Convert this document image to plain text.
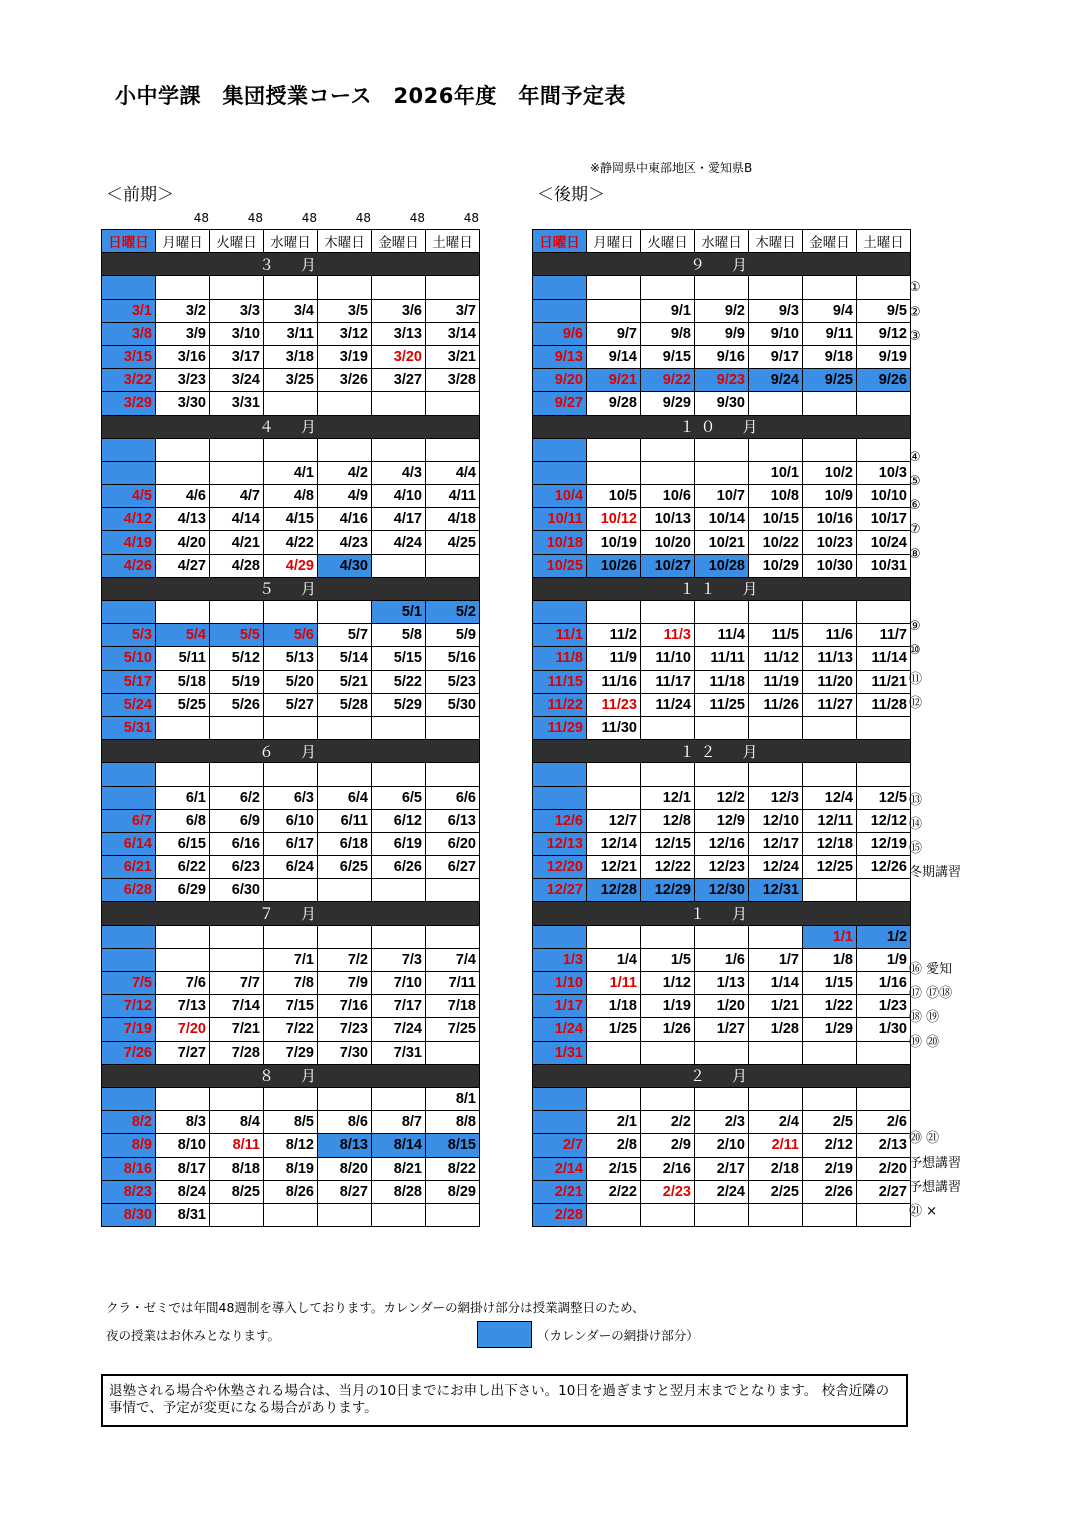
小中学課　集団授業コース　2026年度　年間予定表
※静岡県中東部地区・愛知県B
＜前期＞	＜後期＞
48	48	48	48	48	48
日曜日	月曜日	火曜日	水曜日	木曜日	金曜日	土曜日
３　月						

3/1	3/2	3/3	3/4	3/5	3/6	3/7
3/8	3/9	3/10	3/11	3/12	3/13	3/14
3/15	3/16	3/17	3/18	3/19	3/20	3/21
3/22	3/23	3/24	3/25	3/26	3/27	3/28
3/29	3/30	3/31				
４　月						

			4/1	4/2	4/3	4/4
4/5	4/6	4/7	4/8	4/9	4/10	4/11
4/12	4/13	4/14	4/15	4/16	4/17	4/18
4/19	4/20	4/21	4/22	4/23	4/24	4/25
4/26	4/27	4/28	4/29	4/30		
５　月						
					5/1	5/2
5/3	5/4	5/5	5/6	5/7	5/8	5/9
5/10	5/11	5/12	5/13	5/14	5/15	5/16
5/17	5/18	5/19	5/20	5/21	5/22	5/23
5/24	5/25	5/26	5/27	5/28	5/29	5/30
5/31						
６　月						

	6/1	6/2	6/3	6/4	6/5	6/6
6/7	6/8	6/9	6/10	6/11	6/12	6/13
6/14	6/15	6/16	6/17	6/18	6/19	6/20
6/21	6/22	6/23	6/24	6/25	6/26	6/27
6/28	6/29	6/30				
７　月						

			7/1	7/2	7/3	7/4
7/5	7/6	7/7	7/8	7/9	7/10	7/11
7/12	7/13	7/14	7/15	7/16	7/17	7/18
7/19	7/20	7/21	7/22	7/23	7/24	7/25
7/26	7/27	7/28	7/29	7/30	7/31	
８　月						
						8/1
8/2	8/3	8/4	8/5	8/6	8/7	8/8
8/9	8/10	8/11	8/12	8/13	8/14	8/15
8/16	8/17	8/18	8/19	8/20	8/21	8/22
8/23	8/24	8/25	8/26	8/27	8/28	8/29
8/30	8/31					
日曜日	月曜日	火曜日	水曜日	木曜日	金曜日	土曜日
９　月						

		9/1	9/2	9/3	9/4	9/5
9/6	9/7	9/8	9/9	9/10	9/11	9/12
9/13	9/14	9/15	9/16	9/17	9/18	9/19
9/20	9/21	9/22	9/23	9/24	9/25	9/26
9/27	9/28	9/29	9/30			
１０　月						

				10/1	10/2	10/3
10/4	10/5	10/6	10/7	10/8	10/9	10/10
10/11	10/12	10/13	10/14	10/15	10/16	10/17
10/18	10/19	10/20	10/21	10/22	10/23	10/24
10/25	10/26	10/27	10/28	10/29	10/30	10/31
１１　月						

11/1	11/2	11/3	11/4	11/5	11/6	11/7
11/8	11/9	11/10	11/11	11/12	11/13	11/14
11/15	11/16	11/17	11/18	11/19	11/20	11/21
11/22	11/23	11/24	11/25	11/26	11/27	11/28
11/29	11/30					
１２　月						

		12/1	12/2	12/3	12/4	12/5
12/6	12/7	12/8	12/9	12/10	12/11	12/12
12/13	12/14	12/15	12/16	12/17	12/18	12/19
12/20	12/21	12/22	12/23	12/24	12/25	12/26
12/27	12/28	12/29	12/30	12/31		
１　月						
					1/1	1/2
1/3	1/4	1/5	1/6	1/7	1/8	1/9
1/10	1/11	1/12	1/13	1/14	1/15	1/16
1/17	1/18	1/19	1/20	1/21	1/22	1/23
1/24	1/25	1/26	1/27	1/28	1/29	1/30
1/31						
２　月						

	2/1	2/2	2/3	2/4	2/5	2/6
2/7	2/8	2/9	2/10	2/11	2/12	2/13
2/14	2/15	2/16	2/17	2/18	2/19	2/20
2/21	2/22	2/23	2/24	2/25	2/26	2/27
2/28						
①
②
③
④
⑤
⑥
⑦
⑧
⑨
⑩
⑪
⑫
⑬
⑭
⑮
冬期講習
⑯ 愛知
⑰ ⑰⑱
⑱ ⑲
⑲ ⑳
⑳ ㉑
予想講習
予想講習
㉑ ×
クラ・ゼミでは年間48週制を導入しております。カレンダーの網掛け部分は授業調整日のため、
夜の授業はお休みとなります。	（カレンダーの網掛け部分）
退塾される場合や休塾される場合は、当月の10日までにお申し出下さい。10日を過ぎますと翌月末までとなります。 校舎近隣の事情で、予定が変更になる場合があります。
